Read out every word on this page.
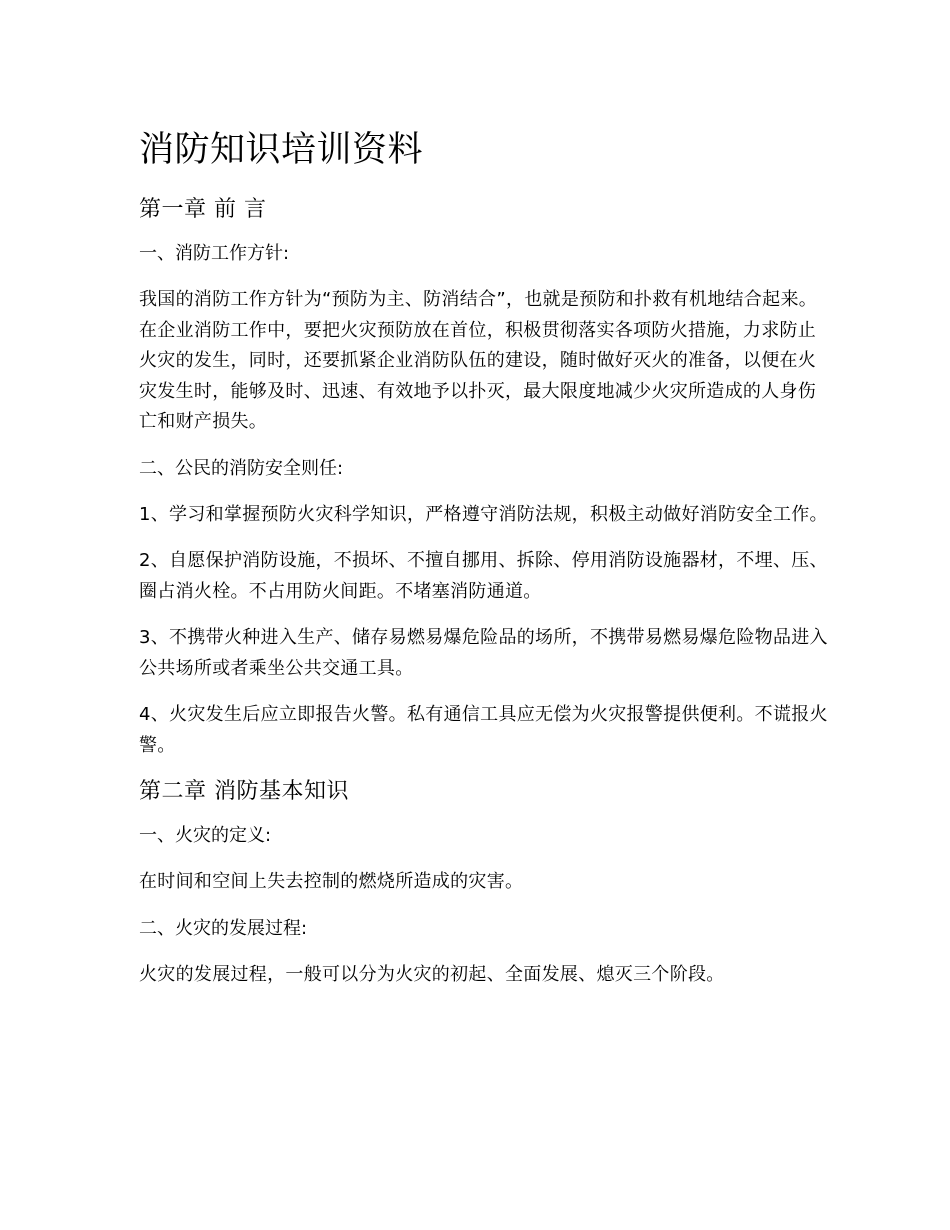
消防知识培训资料
第一章 前 言
一、消防工作方针:

我国的消防工作方针为“预防为主、防消结合”，也就是预防和扑救有机地结合起来。在企业消防工作中，要把火灾预防放在首位，积极贯彻落实各项防火措施，力求防止火灾的发生，同时，还要抓紧企业消防队伍的建设，随时做好灭火的准备，以便在火灾发生时，能够及时、迅速、有效地予以扑灭，最大限度地减少火灾所造成的人身伤亡和财产损失。

二、公民的消防安全则任:

1、学习和掌握预防火灾科学知识，严格遵守消防法规，积极主动做好消防安全工作。

2、自愿保护消防设施，不损坏、不擅自挪用、拆除、停用消防设施器材，不埋、压、圈占消火栓。不占用防火间距。不堵塞消防通道。

3、不携带火种进入生产、储存易燃易爆危险品的场所，不携带易燃易爆危险物品进入公共场所或者乘坐公共交通工具。

4、火灾发生后应立即报告火警。私有通信工具应无偿为火灾报警提供便利。不谎报火警。

第二章 消防基本知识
一、火灾的定义:

在时间和空间上失去控制的燃烧所造成的灾害。

二、火灾的发展过程:

火灾的发展过程，一般可以分为火灾的初起、全面发展、熄灭三个阶段。
